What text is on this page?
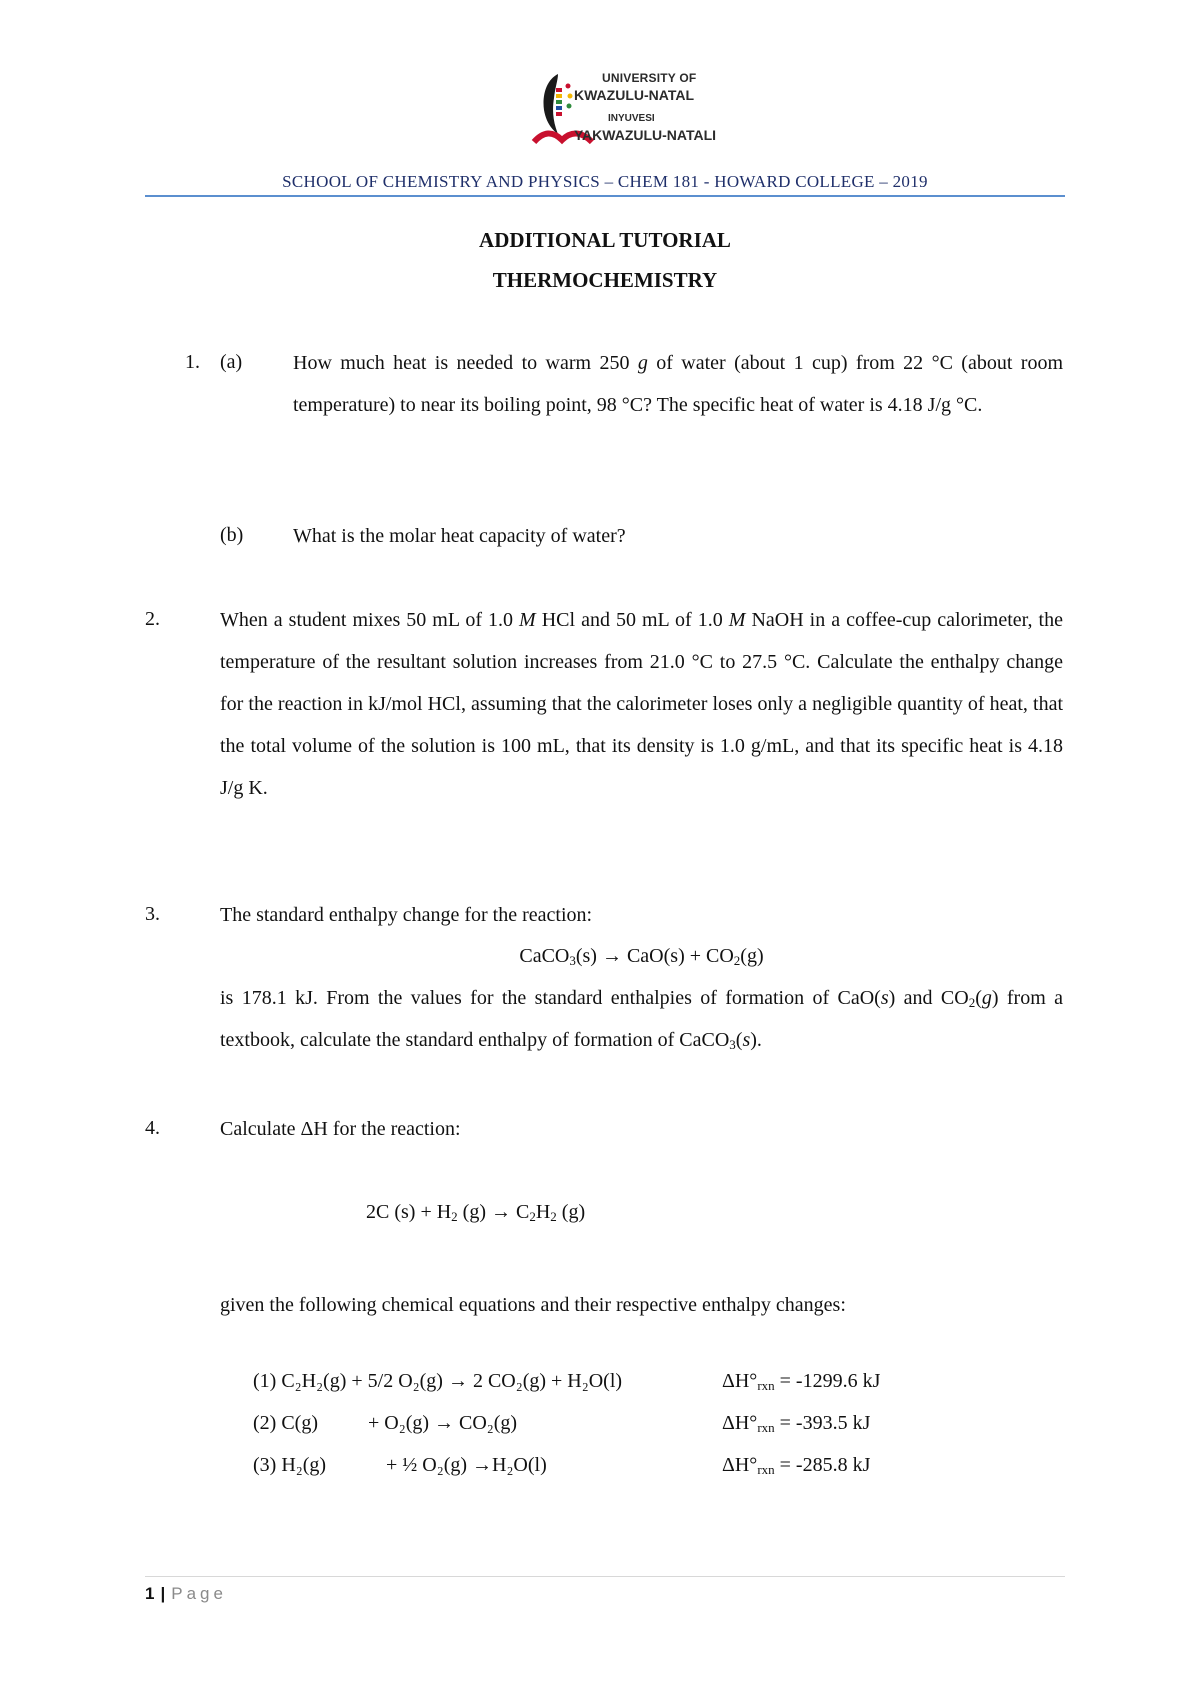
UNIVERSITY OF
KWAZULU-NATAL
INYUVESI
YAKWAZULU-NATALI
SCHOOL OF CHEMISTRY AND PHYSICS – CHEM 181 - HOWARD COLLEGE – 2019
ADDITIONAL TUTORIAL
THERMOCHEMISTRY
1. (a)	How much heat is needed to warm 250 g of water (about 1 cup) from 22 °C (about room temperature) to near its boiling point, 98 °C? The specific heat of water is 4.18 J/g °C.
(b) What is the molar heat capacity of water?
2.	When a student mixes 50 mL of 1.0 M HCl and 50 mL of 1.0 M NaOH in a coffee-cup calorimeter, the temperature of the resultant solution increases from 21.0 °C to 27.5 °C. Calculate the enthalpy change for the reaction in kJ/mol HCl, assuming that the calorimeter loses only a negligible quantity of heat, that the total volume of the solution is 100 mL, that its density is 1.0 g/mL, and that its specific heat is 4.18 J/g K.
3.	The standard enthalpy change for the reaction:
CaCO$_3$(s) → $CaO(s) + CO_2(g)$
is 178.1 kJ. From the values for the standard enthalpies of formation of CaO(s) and $CO_2(g)$ from a textbook, calculate the standard enthalpy of formation of CaCO$_3$(s).
4.	Calculate ΔH for the reaction:
2C $(s) + H_2$ $(g) \to C_2H_2$ (g)
given the following chemical equations and their respective enthalpy changes:
(1) C₂H₂(g) + 5/2 O₂(g) → 2 CO₂(g) + H₂O(l)	$\Delta H^\circ_{rxn} = -1299.6$ kJ
(2) C(g)	+ O₂(g) → CO₂(g)	$\Delta H^\circ_{rxn} = -393.5$ kJ
(3) H₂(g)	+ ½ O₂(g) →H₂O(l)	$\Delta H^\circ_{rxn} = -285.8$ kJ
1 | Page
